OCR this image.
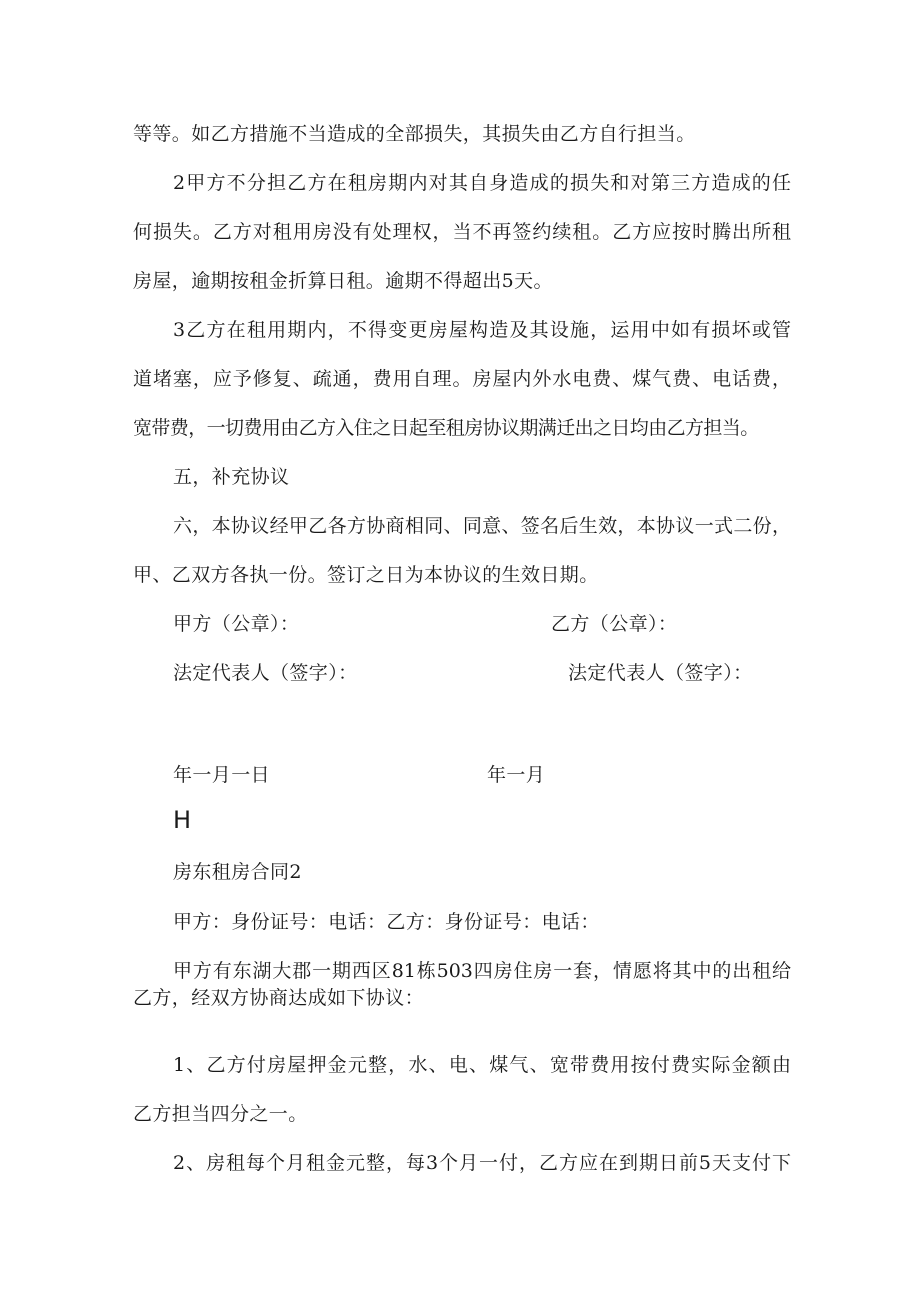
等等。如乙方措施不当造成的全部损失，其损失由乙方自行担当。
2甲方不分担乙方在租房期内对其自身造成的损失和对第三方造成的任
何损失。乙方对租用房没有处理权，当不再签约续租。乙方应按时腾出所租
房屋，逾期按租金折算日租。逾期不得超出5天。
3乙方在租用期内，不得变更房屋构造及其设施，运用中如有损坏或管
道堵塞，应予修复、疏通，费用自理。房屋内外水电费、煤气费、电话费，
宽带费，一切费用由乙方入住之日起至租房协议期满迁出之日均由乙方担当。
五，补充协议
六，本协议经甲乙各方协商相同、同意、签名后生效，本协议一式二份，
甲、乙双方各执一份。签订之日为本协议的生效日期。
甲方（公章）：	乙方（公章）：
法定代表人（签字）：	法定代表人（签字）：
年一月一日	年一月
H
房东租房合同2
甲方：身份证号：电话：乙方：身份证号：电话：
甲方有东湖大郡一期西区81栋503四房住房一套，情愿将其中的出租给
乙方，经双方协商达成如下协议：
1、乙方付房屋押金元整，水、电、煤气、宽带费用按付费实际金额由
乙方担当四分之一。
2、房租每个月租金元整，每3个月一付，乙方应在到期日前5天支付下
